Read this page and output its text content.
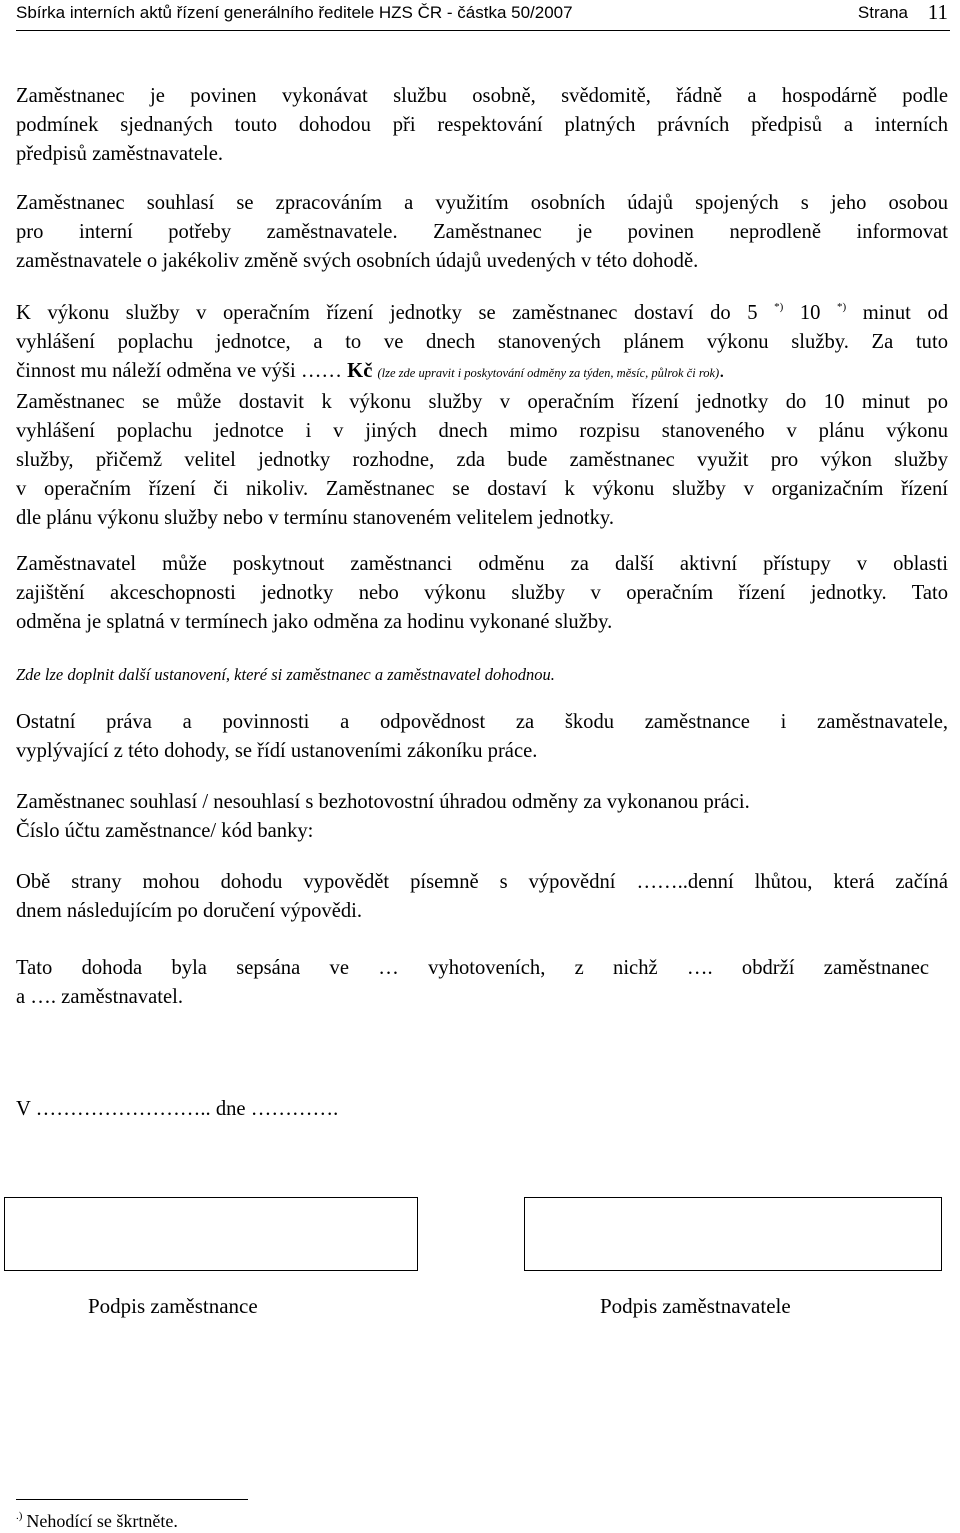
Sbírka interních aktů řízení generálního ředitele HZS ČR - částka 50/2007	Strana 11
Zaměstnanec je povinen vykonávat službu osobně, svědomitě, řádně a hospodárně podle
podmínek sjednaných touto dohodou při respektování platných právních předpisů a interních
předpisů zaměstnavatele.
Zaměstnanec souhlasí se zpracováním a využitím osobních údajů spojených s jeho osobou
pro interní potřeby zaměstnavatele. Zaměstnanec je povinen neprodleně informovat
zaměstnavatele o jakékoliv změně svých osobních údajů uvedených v této dohodě.
K výkonu služby v operačním řízení jednotky se zaměstnanec dostaví do 5 *) 10 *) minut od
vyhlášení poplachu jednotce, a to ve dnech stanovených plánem výkonu služby. Za tuto
činnost mu náleží odměna ve výši …… Kč (lze zde upravit i poskytování odměny za týden, měsíc, půlrok či rok).
Zaměstnanec se může dostavit k výkonu služby v operačním řízení jednotky do 10 minut po
vyhlášení poplachu jednotce i v jiných dnech mimo rozpisu stanoveného v plánu výkonu
služby, přičemž velitel jednotky rozhodne, zda bude zaměstnanec využit pro výkon služby
v operačním řízení či nikoliv. Zaměstnanec se dostaví k výkonu služby v organizačním řízení
dle plánu výkonu služby nebo v termínu stanoveném velitelem jednotky.
Zaměstnavatel může poskytnout zaměstnanci odměnu za další aktivní přístupy v oblasti
zajištění akceschopnosti jednotky nebo výkonu služby v operačním řízení jednotky. Tato
odměna je splatná v termínech jako odměna za hodinu vykonané služby.
Zde lze doplnit další ustanovení, které si zaměstnanec a zaměstnavatel dohodnou.
Ostatní práva a povinnosti a odpovědnost za škodu zaměstnance i zaměstnavatele,
vyplývající z této dohody, se řídí ustanoveními zákoníku práce.
Zaměstnanec souhlasí / nesouhlasí s bezhotovostní úhradou odměny za vykonanou práci.
Číslo účtu zaměstnance/ kód banky:
Obě strany mohou dohodu vypovědět písemně s výpovědní ……..denní lhůtou, která začíná
dnem následujícím po doručení výpovědi.
Tato dohoda byla sepsána ve … vyhotoveních, z nichž …. obdrží zaměstnanec
a …. zaměstnavatel.
V …………………….. dne ………….
Podpis zaměstnance	Podpis zaměstnavatele
.) Nehodící se škrtněte.
